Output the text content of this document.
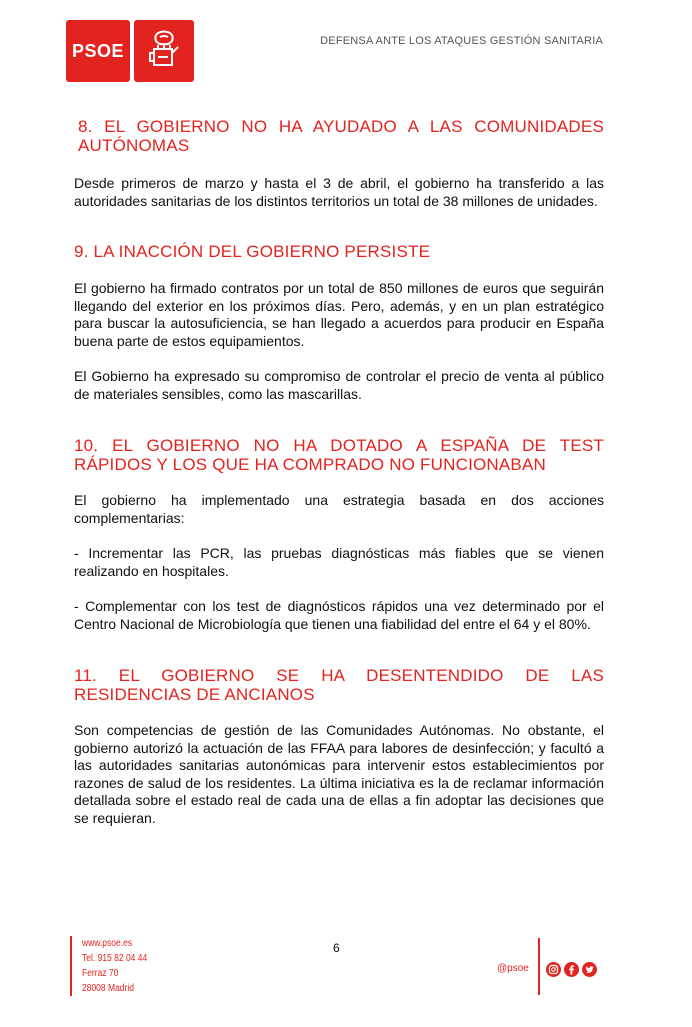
PSOE	DEFENSA ANTE LOS ATAQUES GESTIÓN SANITARIA
8. EL GOBIERNO NO HA AYUDADO A LAS COMUNIDADES AUTÓNOMAS

Desde primeros de marzo y hasta el 3 de abril, el gobierno ha transferido a las autoridades sanitarias de los distintos territorios un total de 38 millones de unidades.

9. LA INACCIÓN DEL GOBIERNO PERSISTE

El gobierno ha firmado contratos por un total de 850 millones de euros que seguirán llegando del exterior en los próximos días. Pero, además, y en un plan estratégico para buscar la autosuficiencia, se han llegado a acuerdos para producir en España buena parte de estos equipamientos.

El Gobierno ha expresado su compromiso de controlar el precio de venta al público de materiales sensibles, como las mascarillas.

10. EL GOBIERNO NO HA DOTADO A ESPAÑA DE TEST RÁPIDOS Y LOS QUE HA COMPRADO NO FUNCIONABAN

El gobierno ha implementado una estrategia basada en dos acciones complementarias:

- Incrementar las PCR, las pruebas diagnósticas más fiables que se vienen realizando en hospitales.

- Complementar con los test de diagnósticos rápidos una vez determinado por el Centro Nacional de Microbiología que tienen una fiabilidad del entre el 64 y el 80%.

11. EL GOBIERNO SE HA DESENTENDIDO DE LAS RESIDENCIAS DE ANCIANOS

Son competencias de gestión de las Comunidades Autónomas. No obstante, el gobierno autorizó la actuación de las FFAA para labores de desinfección; y facultó a las autoridades sanitarias autonómicas para intervenir estos establecimientos por razones de salud de los residentes. La última iniciativa es la de reclamar información detallada sobre el estado real de cada una de ellas a fin adoptar las decisiones que se requieran.

www.psoe.es
Tel. 915 82 04 44
Ferraz 70
28008 Madrid
6
@psoe
